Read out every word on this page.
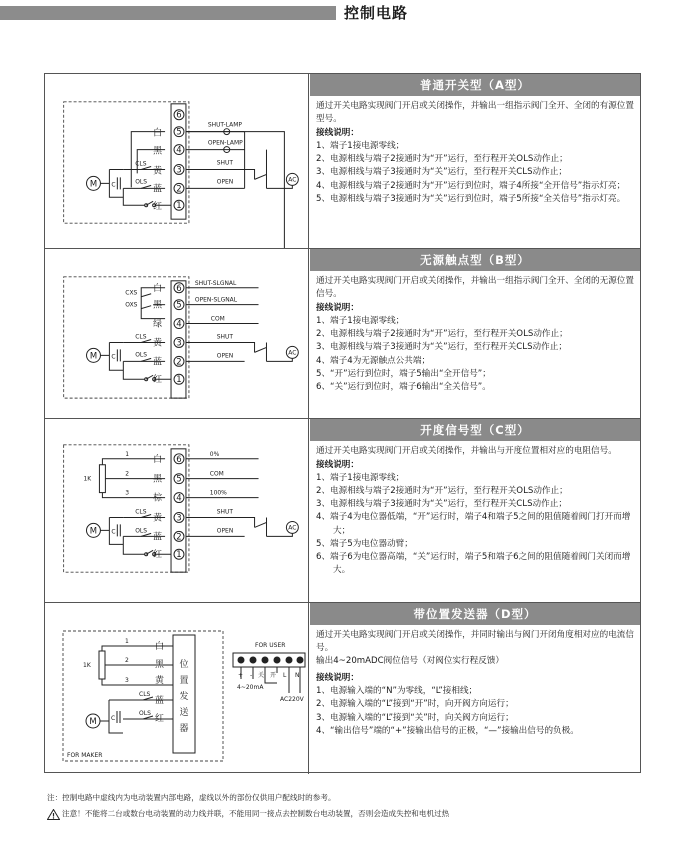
控制电路
6
5
4
3
2
1
白
黑
黄
蓝
红
CLS
OLS
M C
SHUT-LAMP
OPEN-LAMP
SHUT
OPEN	AC
普通开关型（A型）
通过开关电路实现阀门开启或关闭操作，并输出一组指示阀门全开、全闭的有源位置型号。
接线说明：
1、端子1接电源零线；
2、电源相线与端子2接通时为“开”运行，至行程开关OLS动作止；
3、电源相线与端子3接通时为“关”运行，至行程开关CLS动作止；
4、电源相线与端子2接通时为“开”运行到位时，端子4所接“全开信号”指示灯亮；
5、电源相线与端子3接通时为“关”运行到位时，端子5所接“全关信号”指示灯亮。
6
5
4
3
2
1
白
黑
绿
黄
蓝
红
CXS
OXS
CLS
OLS
M C
SHUT-SLGNAL
OPEN-SLGNAL
COM
SHUT
OPEN	AC
无源触点型（B型）
通过开关电路实现阀门开启或关闭操作，并输出一组指示阀门全开、全闭的无源位置信号。
接线说明：
1、端子1接电源零线；
2、电源相线与端子2接通时为“开”运行，至行程开关OLS动作止；
3、电源相线与端子3接通时为“关”运行，至行程开关CLS动作止；
4、端子4为无源触点公共端；
5、“开”运行到位时，端子5输出“全开信号”；
6、“关”运行到位时，端子6输出“全关信号”。
6
5
4
3
2
1
白
黑
棕
黄
蓝
红
1K
1
2
3
CLS
OLS
M C
0%
COM
100%
SHUT
OPEN	AC
开度信号型（C型）
通过开关电路实现阀门开启或关闭操作，并输出与开度位置相对应的电阻信号。
接线说明：
1、端子1接电源零线；
2、电源相线与端子2接通时为“开”运行，至行程开关OLS动作止；
3、电源相线与端子3接通时为“关”运行，至行程开关CLS动作止；
4、端子4为电位器低端，“开”运行时，端子4和端子5之间的阻值随着阀门打开而增大；
5、端子5为电位器动臂；
6、端子6为电位器高端，“关”运行时，端子5和端子6之间的阻值随着阀门关闭而增大。
FOR MAKER
位
置
发
送
器
白
黑
黄
蓝
红
1K
1
2
3
CLS
OLS
M C
FOR USER
+ - 关 开 L N
4~20mA
AC220V
带位置发送器（D型）
通过开关电路实现阀门开启或关闭操作，并同时输出与阀门开闭角度相对应的电流信号。
输出4~20mADC阀位信号（对阀位实行程反馈）
接线说明：
1、电源输入端的“N”为零线，“L”接相线；
2、电源输入端的“L”接到“开”时，向开阀方向运行；
3、电源输入端的“L”接到“关”时，向关阀方向运行；
4、“输出信号”端的“+”接输出信号的正极，“—”接输出信号的负极。
注：控制电路中虚线内为电动装置内部电路，虚线以外的部份仅供用户配线时的参考。
注意！不能将二台或数台电动装置的动力线并联，不能用同一接点去控制数台电动装置，否则会造成失控和电机过热
